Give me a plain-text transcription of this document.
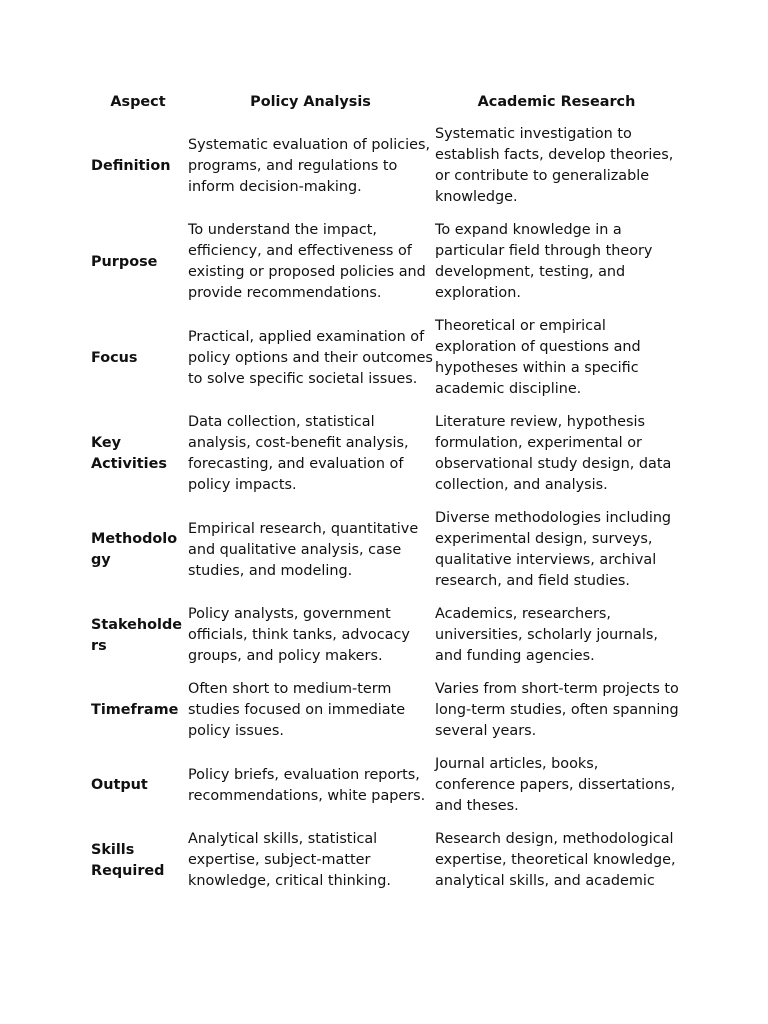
Aspect	Policy Analysis	Academic Research
Definition	Systematic evaluation of policies, programs, and regulations to inform decision-making.	Systematic investigation to establish facts, develop theories, or contribute to generalizable knowledge.
Purpose	To understand the impact, efficiency, and effectiveness of existing or proposed policies and provide recommendations.	To expand knowledge in a particular field through theory development, testing, and exploration.
Focus	Practical, applied examination of policy options and their outcomes to solve specific societal issues.	Theoretical or empirical exploration of questions and hypotheses within a specific academic discipline.
Key Activities	Data collection, statistical analysis, cost-benefit analysis, forecasting, and evaluation of policy impacts.	Literature review, hypothesis formulation, experimental or observational study design, data collection, and analysis.
Methodology	Empirical research, quantitative and qualitative analysis, case studies, and modeling.	Diverse methodologies including experimental design, surveys, qualitative interviews, archival research, and field studies.
Stakeholders	Policy analysts, government officials, think tanks, advocacy groups, and policy makers.	Academics, researchers, universities, scholarly journals, and funding agencies.
Timeframe	Often short to medium-term studies focused on immediate policy issues.	Varies from short-term projects to long-term studies, often spanning several years.
Output	Policy briefs, evaluation reports, recommendations, white papers.	Journal articles, books, conference papers, dissertations, and theses.
Skills Required	Analytical skills, statistical expertise, subject-matter knowledge, critical thinking.	Research design, methodological expertise, theoretical knowledge, analytical skills, and academic
